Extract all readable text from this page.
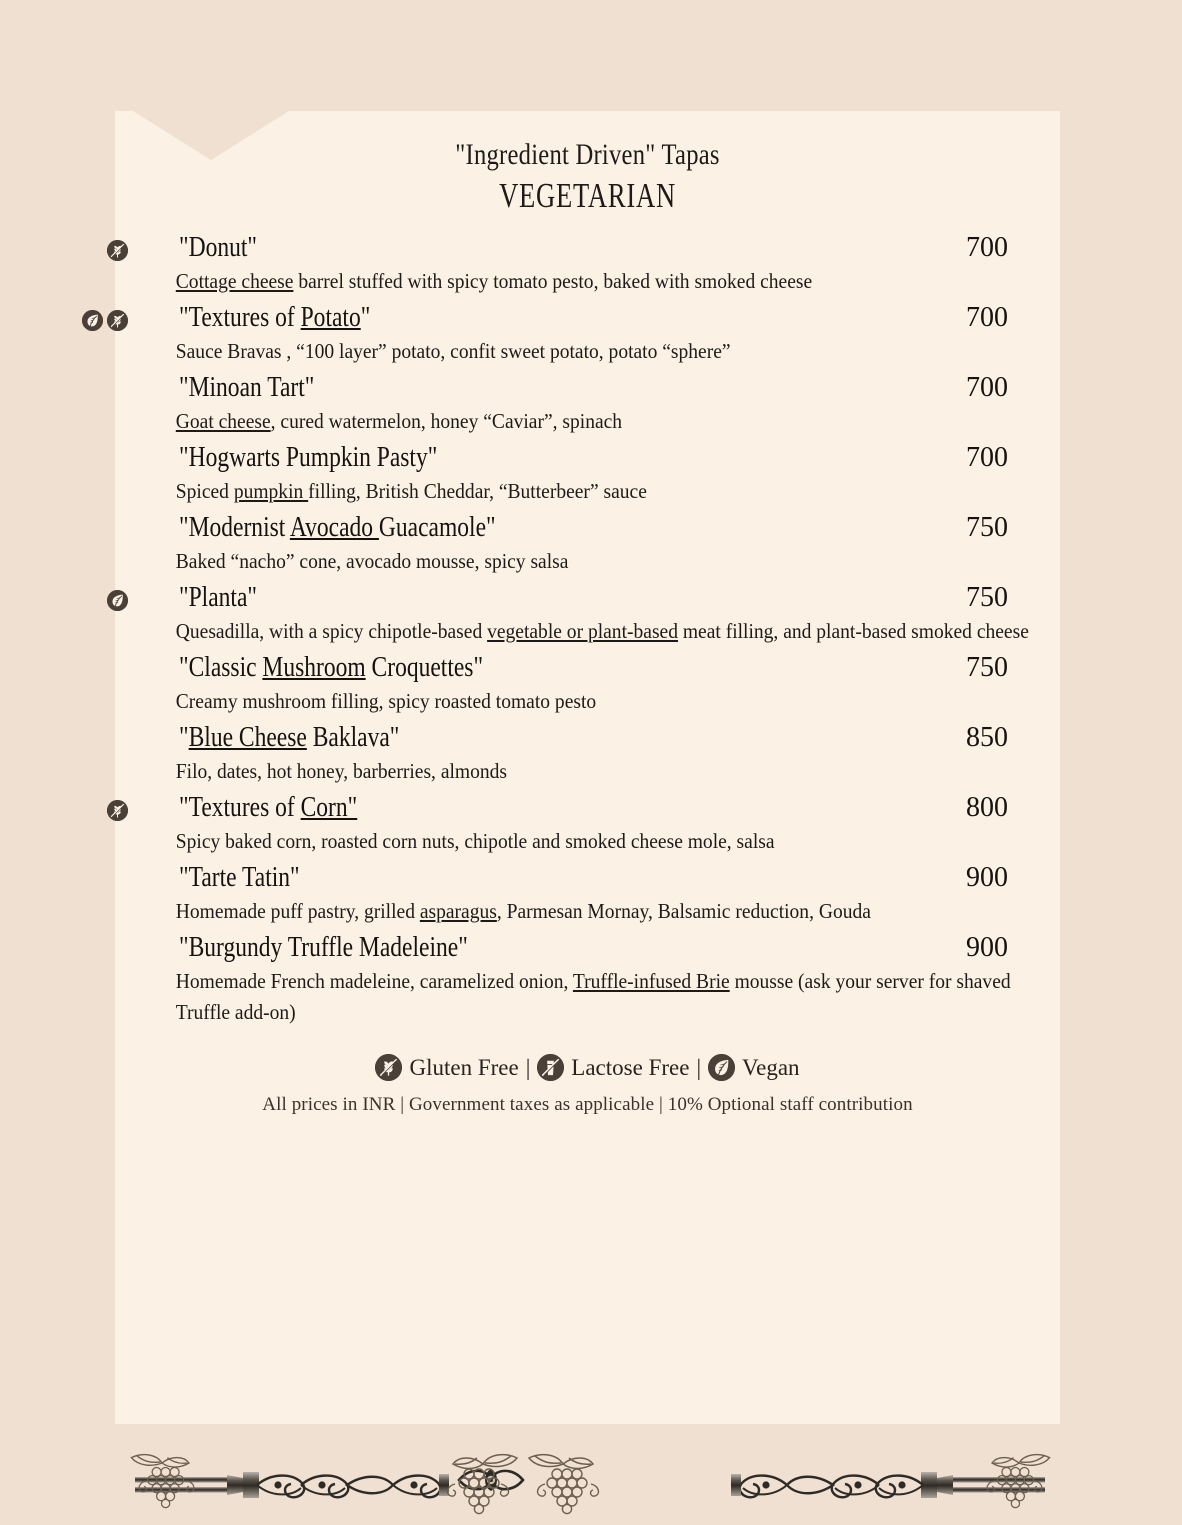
"Ingredient Driven" Tapas
VEGETARIAN
"Donut"	700
Cottage cheese barrel stuffed with spicy tomato pesto, baked with smoked cheese
"Textures of Potato"	700
Sauce Bravas , “100 layer” potato, confit sweet potato, potato “sphere”
"Minoan Tart"	700
Goat cheese, cured watermelon, honey “Caviar”, spinach
"Hogwarts Pumpkin Pasty"	700
Spiced pumpkin filling, British Cheddar, “Butterbeer” sauce
"Modernist Avocado Guacamole"	750
Baked “nacho” cone, avocado mousse, spicy salsa
"Planta"	750
Quesadilla, with a spicy chipotle-based vegetable or plant-based meat filling, and plant-based smoked cheese
"Classic Mushroom Croquettes"	750
Creamy mushroom filling, spicy roasted tomato pesto
"Blue Cheese Baklava"	850
Filo, dates, hot honey, barberries, almonds
"Textures of Corn"	800
Spicy baked corn, roasted corn nuts, chipotle and smoked cheese mole, salsa
"Tarte Tatin"	900
Homemade puff pastry, grilled asparagus, Parmesan Mornay, Balsamic reduction, Gouda
"Burgundy Truffle Madeleine"	900
Homemade French madeleine, caramelized onion, Truffle-infused Brie mousse (ask your server for shaved Truffle add-on)
Gluten Free | Lactose Free | Vegan
All prices in INR | Government taxes as applicable | 10% Optional staff contribution
